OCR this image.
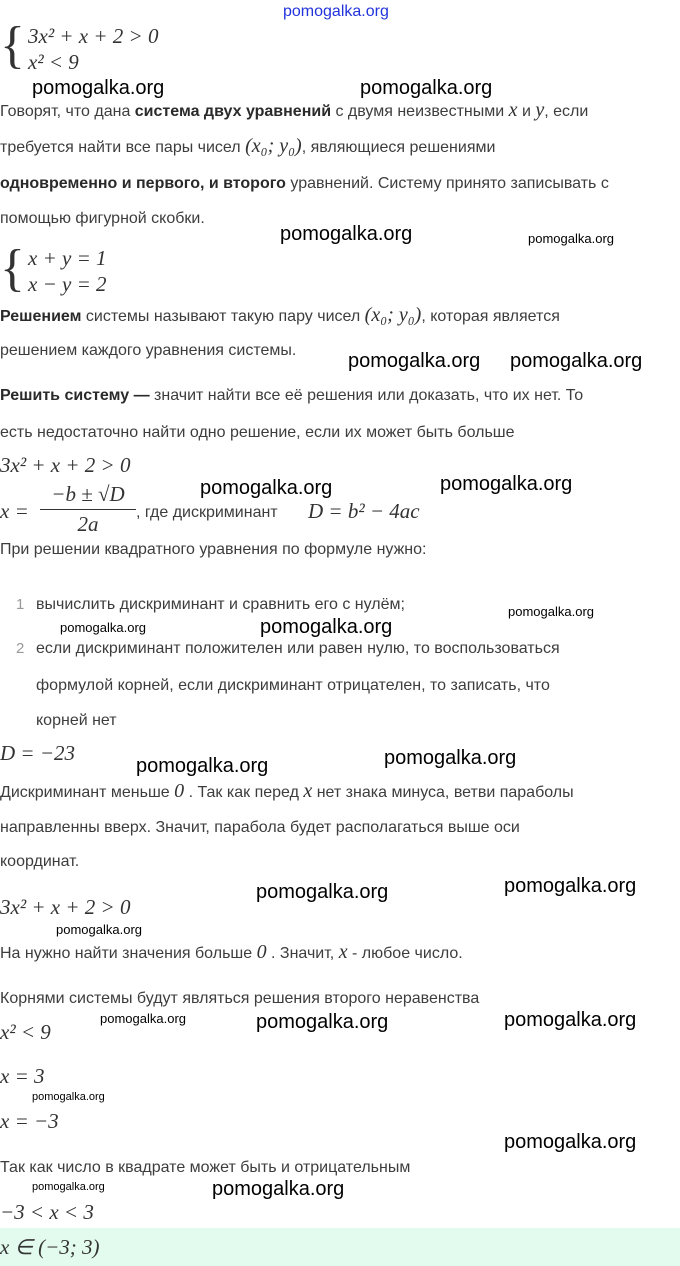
pomogalka.org
{ 3x² + x + 2 > 0
x² < 9
pomogalka.org	pomogalka.org
Говорят, что дана система двух уравнений с двумя неизвестными x и y, если
требуется найти все пары чисел (x₀; y₀), являющиеся решениями
одновременно и первого, и второго уравнений. Систему принято записывать с
помощью фигурной скобки.
pomogalka.org	pomogalka.org
{ x + y = 1
x − y = 2
Решением системы называют такую пару чисел (x₀; y₀), которая является
решением каждого уравнения системы.	pomogalka.org pomogalka.org
Решить систему — значит найти все её решения или доказать, что их нет. То
есть недостаточно найти одно решение, если их может быть больше
3x² + x + 2 > 0
x =
−b ± √D
2a	, где дискриминант D = b² − 4ac
pomogalka.org	pomogalka.org
При решении квадратного уравнения по формуле нужно:
1 вычислить дискриминант и сравнить его с нулём;	pomogalka.org
pomogalka.org	pomogalka.org
2 если дискриминант положителен или равен нулю, то воспользоваться
формулой корней, если дискриминант отрицателен, то записать, что
корней нет
D = −23
pomogalka.org	pomogalka.org
Дискриминант меньше 0 . Так как перед x нет знака минуса, ветви параболы
направленны вверх. Значит, парабола будет располагаться выше оси
координат.
3x² + x + 2 > 0
pomogalka.org	pomogalka.org
pomogalka.org
На нужно найти значения больше 0 . Значит, x - любое число.
Корнями системы будут являться решения второго неравенства
pomogalka.org
x² < 9	pomogalka.org	pomogalka.org
x = 3
pomogalka.org
x = −3
pomogalka.org
Так как число в квадрате может быть и отрицательным
pomogalka.org	pomogalka.org
−3 < x < 3
x ∈ (−3; 3)
